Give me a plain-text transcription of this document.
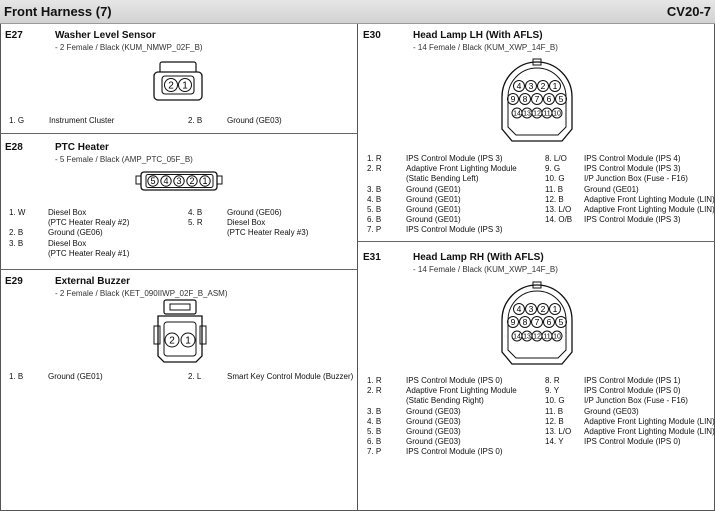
Front Harness (7)	CV20-7
E27	Washer Level Sensor
- 2 Female / Black (KUM_NMWP_02F_B)
2 1
1. G	Instrument Cluster	2. B	Ground (GE03)
E28	PTC Heater
- 5 Female / Black (AMP_PTC_05F_B)
5 4 3 2 1
1. W	Diesel Box
(PTC Heater Realy #2)
2. B	Ground (GE06)
3. B	Diesel Box
(PTC Heater Realy #1)
4. B	Ground (GE06)
5. R	Diesel Box
(PTC Heater Realy #3)
E29	External Buzzer
- 2 Female / Black (KET_090IIWP_02F_B_ASM)
2 1
1. B	Ground (GE01)	2. L	Smart Key Control Module (Buzzer)
E30	Head Lamp LH (With AFLS)
- 14 Female / Black (KUM_XWP_14F_B)
4 3 2 1
9 8 7 6 5
14 13 12 11 10
1. R	IPS Control Module (IPS 3)
2. R	Adaptive Front Lighting Module
(Static Bending Left)
3. B	Ground (GE01)
4. B	Ground (GE01)
5. B	Ground (GE01)
6. B	Ground (GE01)
7. P	IPS Control Module (IPS 3)
8. L/O IPS Control Module (IPS 4)
9. G	IPS Control Module (IPS 3)
10. G I/P Junction Box (Fuse - F16)
11. B	Ground (GE01)
12. B	Adaptive Front Lighting Module (LIN)
13. L/O Adaptive Front Lighting Module (LIN)
14. O/B IPS Control Module (IPS 3)
E31	Head Lamp RH (With AFLS)
- 14 Female / Black (KUM_XWP_14F_B)
4 3 2 1
9 8 7 6 5
14 13 12 11 10
1. R	IPS Control Module (IPS 0)
2. R	Adaptive Front Lighting Module
(Static Bending Right)
3. B	Ground (GE03)
4. B	Ground (GE03)
5. B	Ground (GE03)
6. B	Ground (GE03)
7. P	IPS Control Module (IPS 0)
8. R	IPS Control Module (IPS 1)
9. Y	IPS Control Module (IPS 0)
10. G I/P Junction Box (Fuse - F16)
11. B	Ground (GE03)
12. B	Adaptive Front Lighting Module (LIN)
13. L/O Adaptive Front Lighting Module (LIN)
14. Y	IPS Control Module (IPS 0)
